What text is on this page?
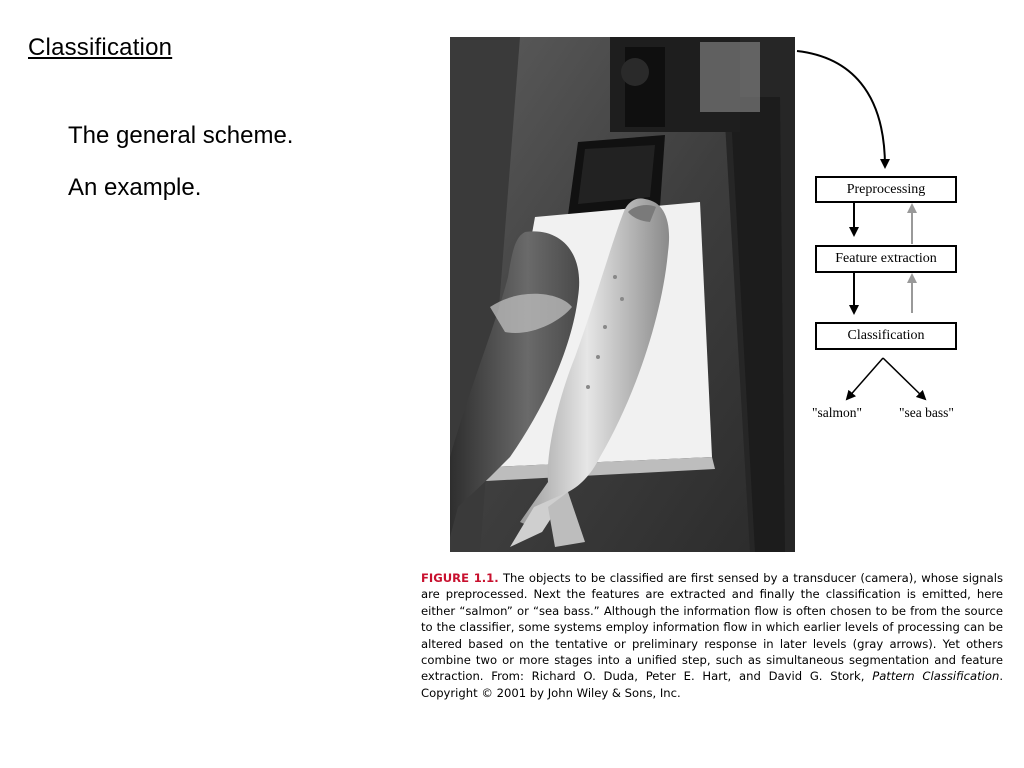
Classification
The general scheme.
An example.	Preprocessing
Feature extraction
Classification
"salmon"	"sea bass"
FIGURE 1.1. The objects to be classified are first sensed by a transducer (camera), whose signals are preprocessed. Next the features are extracted and finally the classification is emitted, here either “salmon” or “sea bass.” Although the information flow is often chosen to be from the source to the classifier, some systems employ information flow in which earlier levels of processing can be altered based on the tentative or preliminary response in later levels (gray arrows). Yet others combine two or more stages into a unified step, such as simultaneous segmentation and feature extraction. From: Richard O. Duda, Peter E. Hart, and David G. Stork, Pattern Classification. Copyright © 2001 by John Wiley & Sons, Inc.
